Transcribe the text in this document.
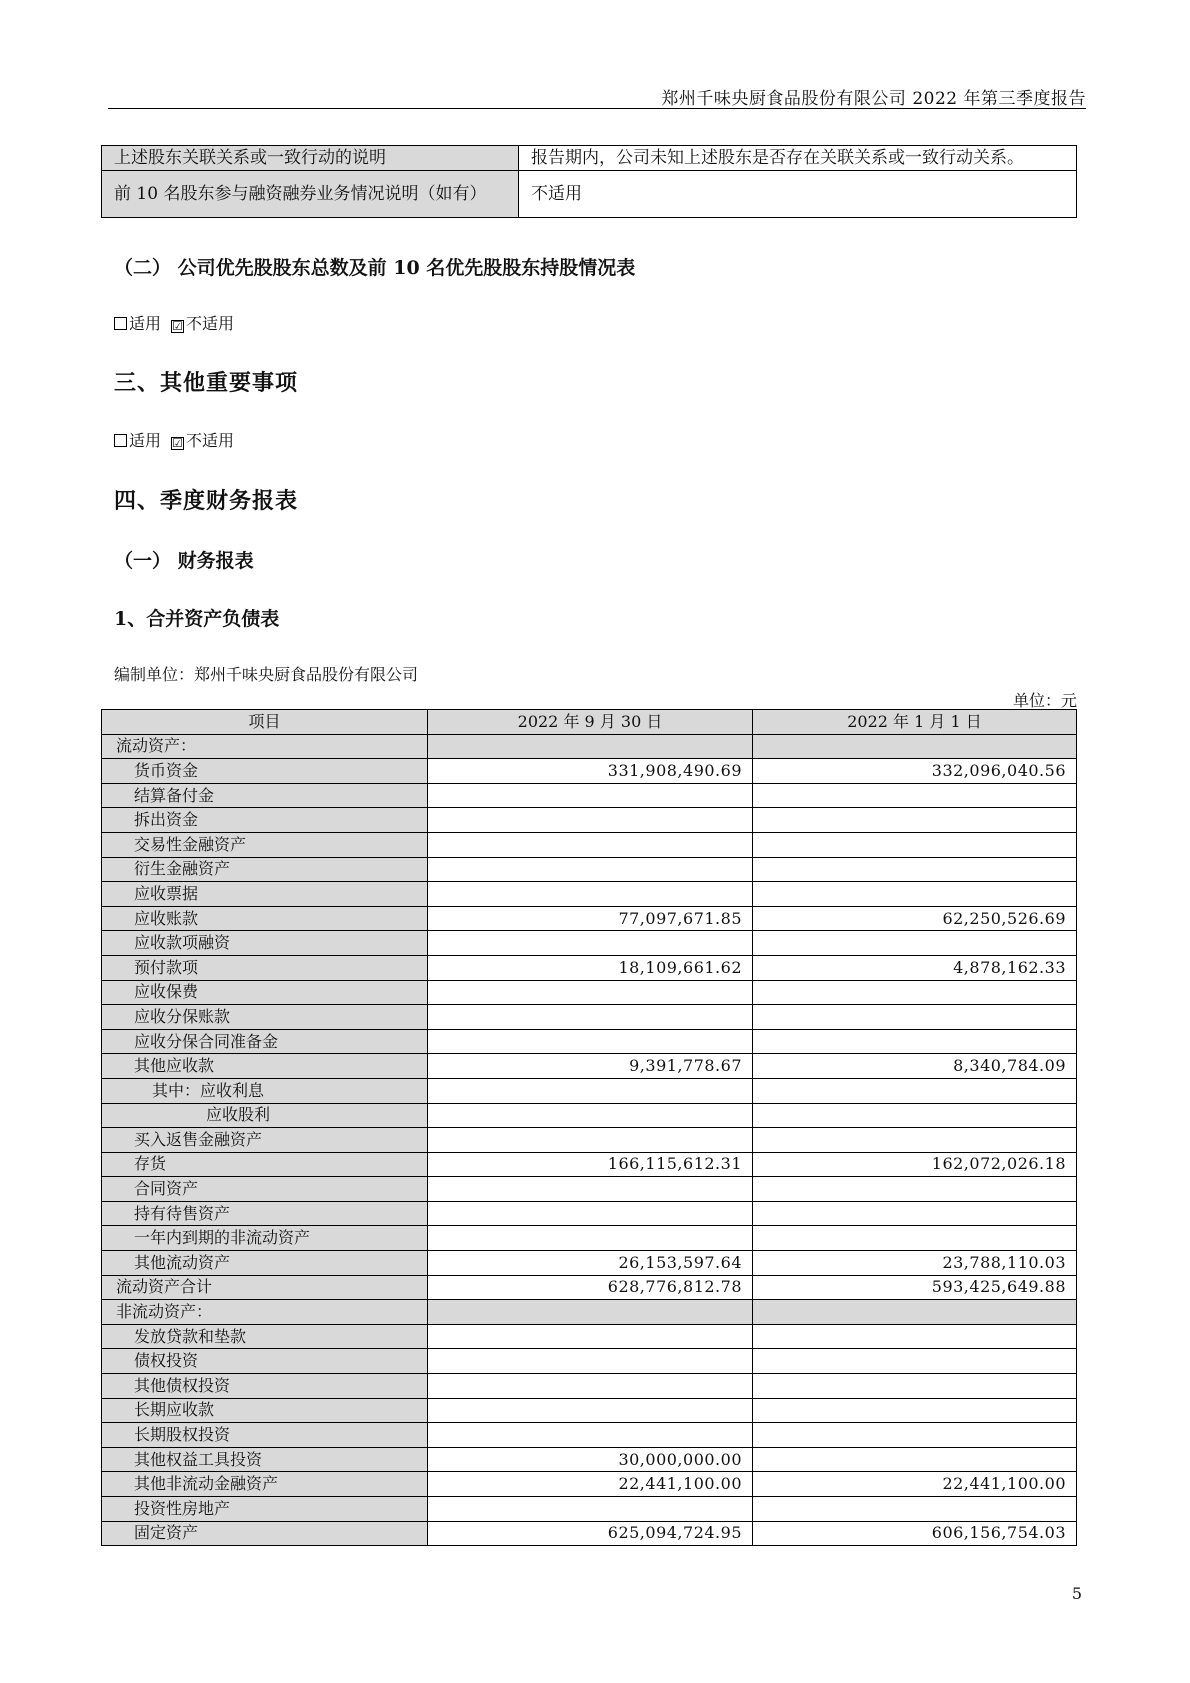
郑州千味央厨食品股份有限公司 2022 年第三季度报告
上述股东关联关系或一致行动的说明	报告期内，公司未知上述股东是否存在关联关系或一致行动关系。
前 10 名股东参与融资融券业务情况说明（如有）	不适用
（二） 公司优先股股东总数及前 10 名优先股股东持股情况表
适用 ☑ 不适用
三、其他重要事项
适用 ☑ 不适用
四、季度财务报表
（一） 财务报表
1、合并资产负债表
编制单位：郑州千味央厨食品股份有限公司
单位：元
项目	2022 年 9 月 30 日	2022 年 1 月 1 日
流动资产：		
货币资金	331,908,490.69	332,096,040.56
结算备付金		
拆出资金		
交易性金融资产		
衍生金融资产		
应收票据		
应收账款	77,097,671.85	62,250,526.69
应收款项融资		
预付款项	18,109,661.62	4,878,162.33
应收保费		
应收分保账款		
应收分保合同准备金		
其他应收款	9,391,778.67	8,340,784.09
其中：应收利息		
应收股利		
买入返售金融资产		
存货	166,115,612.31	162,072,026.18
合同资产		
持有待售资产		
一年内到期的非流动资产		
其他流动资产	26,153,597.64	23,788,110.03
流动资产合计	628,776,812.78	593,425,649.88
非流动资产：		
发放贷款和垫款		
债权投资		
其他债权投资		
长期应收款		
长期股权投资		
其他权益工具投资	30,000,000.00	
其他非流动金融资产	22,441,100.00	22,441,100.00
投资性房地产		
固定资产	625,094,724.95	606,156,754.03
5
